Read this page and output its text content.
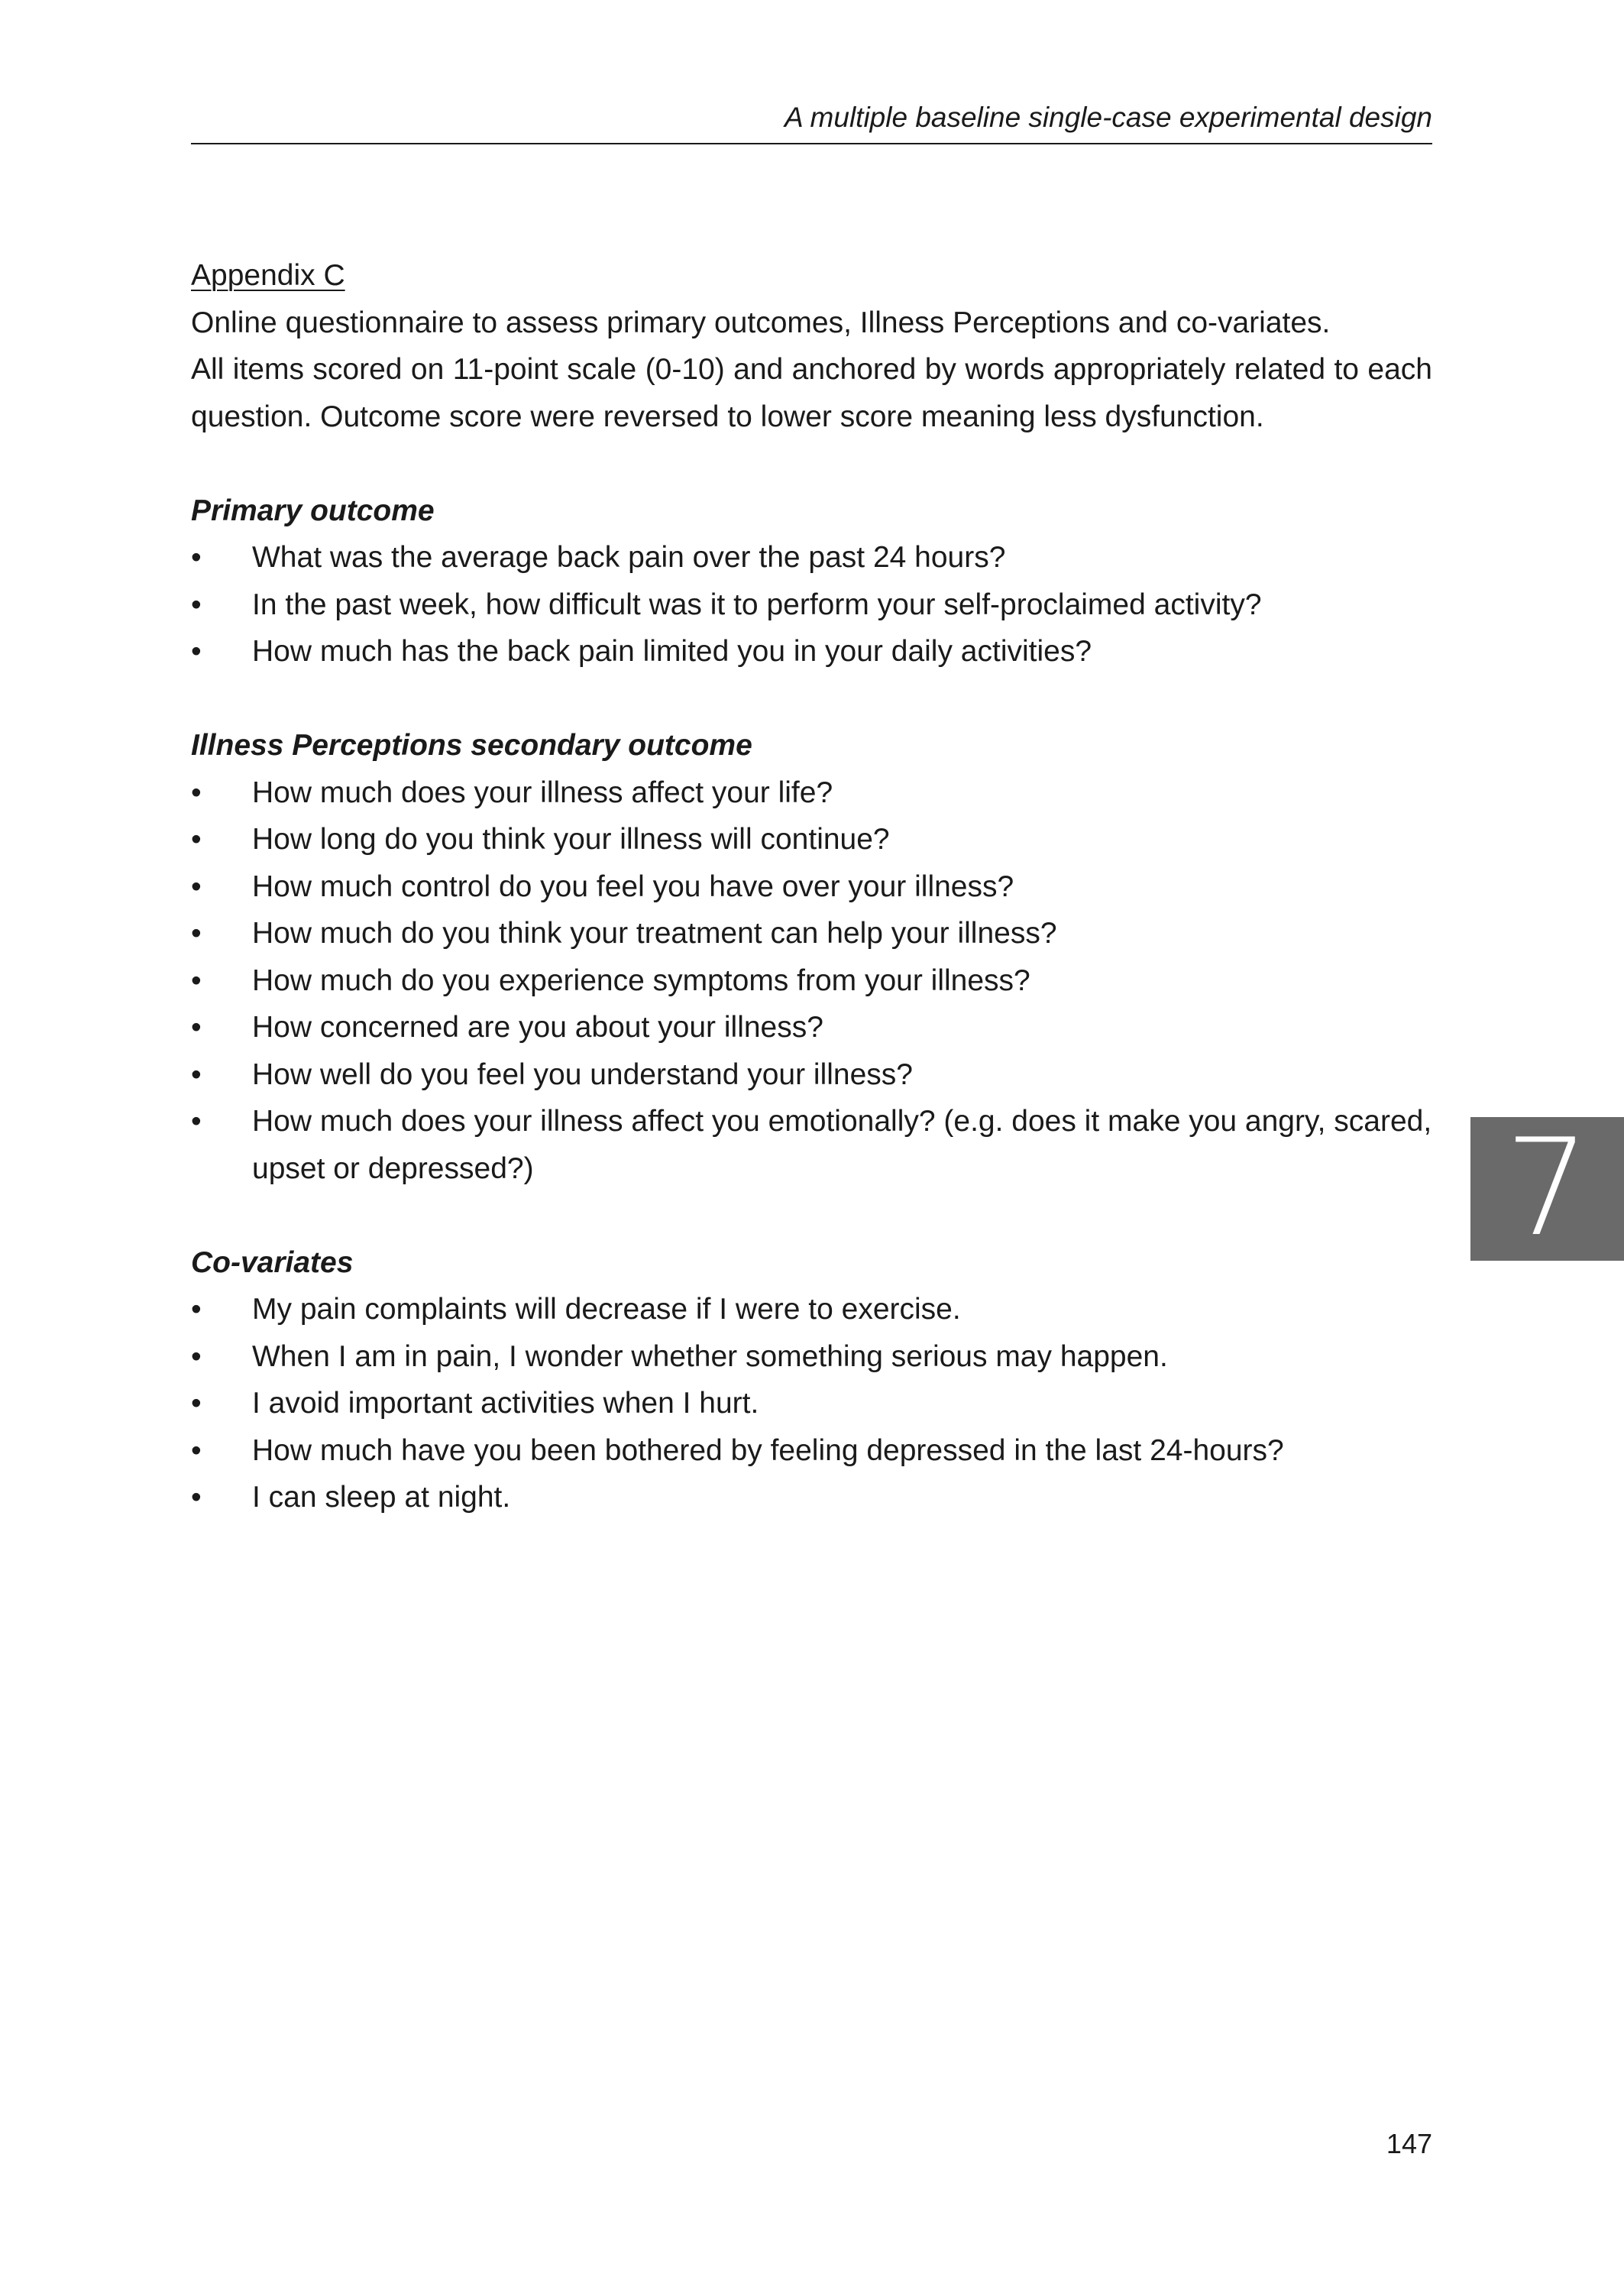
A multiple baseline single-case experimental design

Appendix C

Online questionnaire to assess primary outcomes, Illness Perceptions and co-variates.

All items scored on 11-point scale (0-10) and anchored by words appropriately related to each question. Outcome score were reversed to lower score meaning less dysfunction.

Primary outcome

•	What was the average back pain over the past 24 hours?
•	In the past week, how difficult was it to perform your self-proclaimed activity?
•	How much has the back pain limited you in your daily activities?

Illness Perceptions secondary outcome

•	How much does your illness affect your life?
•	How long do you think your illness will continue?
•	How much control do you feel you have over your illness?
•	How much do you think your treatment can help your illness?
•	How much do you experience symptoms from your illness?
•	How concerned are you about your illness?
•	How well do you feel you understand your illness?
•	How much does your illness affect you emotionally? (e.g. does it make you angry, scared, upset or depressed?)

Co-variates

•	My pain complaints will decrease if I were to exercise.
•	When I am in pain, I wonder whether something serious may happen.
•	I avoid important activities when I hurt.
•	How much have you been bothered by feeling depressed in the last 24-hours?
•	I can sleep at night.
7
147
